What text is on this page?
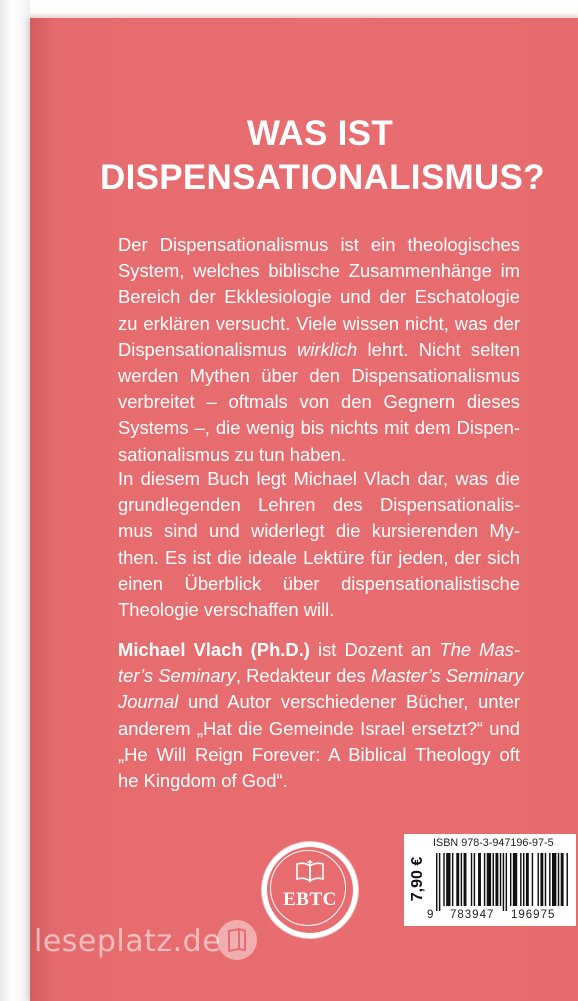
WAS IST
DISPENSATIONALISMUS?
Der Dispensationalismus ist ein theologisches
System, welches biblische Zusammenhänge im
Bereich der Ekklesiologie und der Eschatologie
zu erklären versucht. Viele wissen nicht, was der
Dispensationalismus wirklich lehrt. Nicht selten
werden Mythen über den Dispensationalismus
verbreitet – oftmals von den Gegnern dieses
Systems –, die wenig bis nichts mit dem Dispen-
sationalismus zu tun haben.
In diesem Buch legt Michael Vlach dar, was die
grundlegenden Lehren des Dispensationalis-
mus sind und widerlegt die kursierenden My-
then. Es ist die ideale Lektüre für jeden, der sich
einen Überblick über dispensationalistische
Theologie verschaffen will.
Michael Vlach (Ph.D.) ist Dozent an The Mas-
ter’s Seminary, Redakteur des Master’s Seminary
Journal und Autor verschiedener Bücher, unter
anderem „Hat die Gemeinde Israel ersetzt?“ und
„He Will Reign Forever: A Biblical Theology oft
he Kingdom of God“.
EBTC	7,90 €
ISBN 978-3-947196-97-5
9 783947 196975
leseplatz.de
